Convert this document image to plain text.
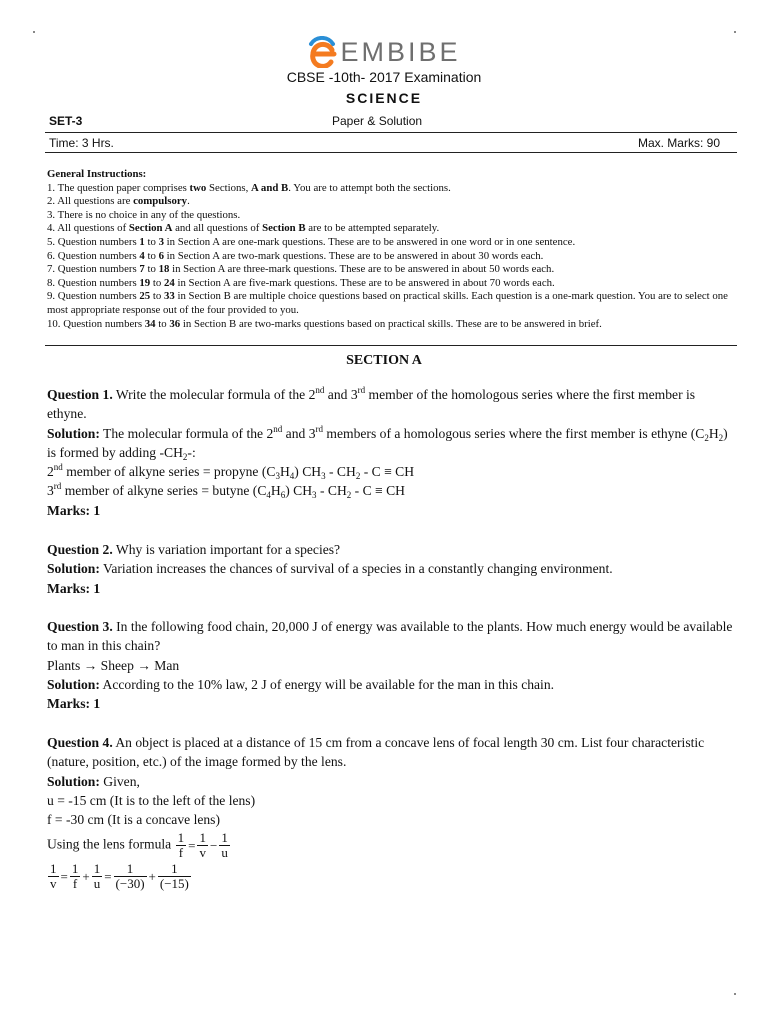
EMBIBE
CBSE -10th- 2017 Examination
SCIENCE
SET-3	Paper & Solution
Time: 3 Hrs.	Max. Marks: 90
General Instructions:
1. The question paper comprises two Sections, A and B. You are to attempt both the sections.
2. All questions are compulsory.
3. There is no choice in any of the questions.
4. All questions of Section A and all questions of Section B are to be attempted separately.
5. Question numbers 1 to 3 in Section A are one-mark questions. These are to be answered in one word or in one sentence.
6. Question numbers 4 to 6 in Section A are two-mark questions. These are to be answered in about 30 words each.
7. Question numbers 7 to 18 in Section A are three-mark questions. These are to be answered in about 50 words each.
8. Question numbers 19 to 24 in Section A are five-mark questions. These are to be answered in about 70 words each.
9. Question numbers 25 to 33 in Section B are multiple choice questions based on practical skills. Each question is a one-mark question. You are to select one most appropriate response out of the four provided to you.
10. Question numbers 34 to 36 in Section B are two-marks questions based on practical skills. These are to be answered in brief.
SECTION A

Question 1. Write the molecular formula of the 2nd and 3rd member of the homologous series where the first member is ethyne.

Solution: The molecular formula of the 2nd and 3rd members of a homologous series where the first member is ethyne $(C_2H_2)$ is formed by adding $-CH_2-$:

2nd member of alkyne series = propyne $(C_3H_4)$ $CH_3 - CH_2$ - C ≡ CH

3rd member of alkyne series = butyne $(C_4H_6)$ $CH_3 - CH_2$ - C ≡ CH

Marks: 1

Question 2. Why is variation important for a species?

Solution: Variation increases the chances of survival of a species in a constantly changing environment.

Marks: 1

Question 3. In the following food chain, 20,000 J of energy was available to the plants. How much energy would be available to man in this chain?

Plants → Sheep → Man

Solution: According to the 10% law, 2 J of energy will be available for the man in this chain.

Marks: 1

Question 4. An object is placed at a distance of 15 cm from a concave lens of focal length 30 cm. List four characteristic (nature, position, etc.) of the image formed by the lens.

Solution: Given,

u = -15 cm (It is to the left of the lens)

f = -30 cm (It is a concave lens)

Using the lens formula $\frac{1}{f} = \frac{1}{v} - \frac{1}{u}$

$\frac{1}{v} = \frac{1}{f} + \frac{1}{u} = \frac{1}{(-30)} + \frac{1}{(-15)}$
